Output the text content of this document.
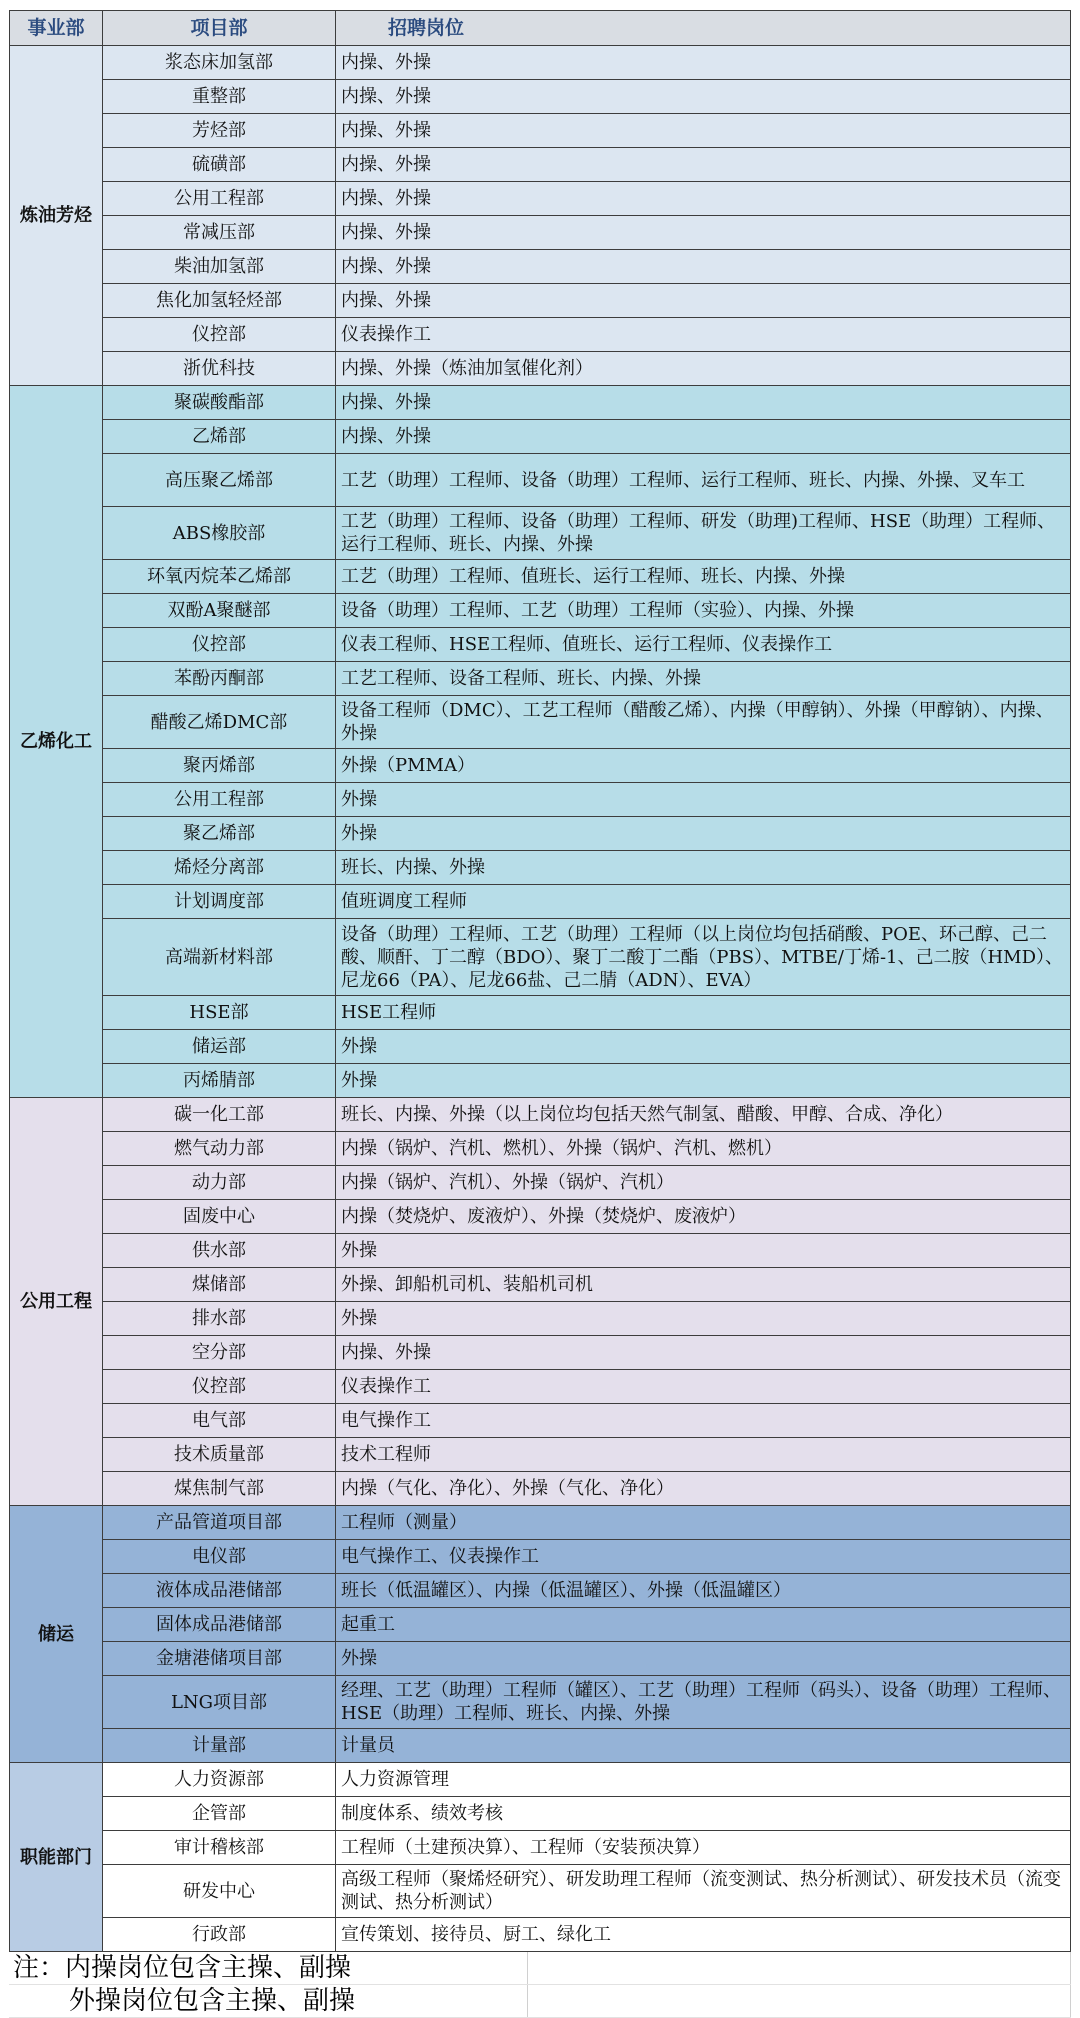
事业部	项目部	招聘岗位
炼油芳烃	浆态床加氢部	内操、外操
	重整部	内操、外操
	芳烃部	内操、外操
	硫磺部	内操、外操
	公用工程部	内操、外操
	常减压部	内操、外操
	柴油加氢部	内操、外操
	焦化加氢轻烃部	内操、外操
	仪控部	仪表操作工
	浙优科技	内操、外操（炼油加氢催化剂）
乙烯化工	聚碳酸酯部	内操、外操
	乙烯部	内操、外操
	高压聚乙烯部	工艺（助理）工程师、设备（助理）工程师、运行工程师、班长、内操、外操、叉车工
	ABS橡胶部	工艺（助理）工程师、设备（助理）工程师、研发（助理)工程师、HSE（助理）工程师、运行工程师、班长、内操、外操
	环氧丙烷苯乙烯部	工艺（助理）工程师、值班长、运行工程师、班长、内操、外操
	双酚A聚醚部	设备（助理）工程师、工艺（助理）工程师（实验）、内操、外操
	仪控部	仪表工程师、HSE工程师、值班长、运行工程师、仪表操作工
	苯酚丙酮部	工艺工程师、设备工程师、班长、内操、外操
	醋酸乙烯DMC部	设备工程师（DMC）、工艺工程师（醋酸乙烯）、内操（甲醇钠）、外操（甲醇钠）、内操、外操
	聚丙烯部	外操（PMMA）
	公用工程部	外操
	聚乙烯部	外操
	烯烃分离部	班长、内操、外操
	计划调度部	值班调度工程师
	高端新材料部	设备（助理）工程师、工艺（助理）工程师（以上岗位均包括硝酸、POE、环己醇、己二酸、顺酐、丁二醇（BDO）、聚丁二酸丁二酯（PBS）、MTBE/丁烯-1、己二胺（HMD）、尼龙66（PA）、尼龙66盐、己二腈（ADN）、EVA）
	HSE部	HSE工程师
	储运部	外操
	丙烯腈部	外操
公用工程	碳一化工部	班长、内操、外操（以上岗位均包括天然气制氢、醋酸、甲醇、合成、净化）
	燃气动力部	内操（锅炉、汽机、燃机）、外操（锅炉、汽机、燃机）
	动力部	内操（锅炉、汽机）、外操（锅炉、汽机）
	固废中心	内操（焚烧炉、废液炉）、外操（焚烧炉、废液炉）
	供水部	外操
	煤储部	外操、卸船机司机、装船机司机
	排水部	外操
	空分部	内操、外操
	仪控部	仪表操作工
	电气部	电气操作工
	技术质量部	技术工程师
	煤焦制气部	内操（气化、净化）、外操（气化、净化）
储运	产品管道项目部	工程师（测量）
	电仪部	电气操作工、仪表操作工
	液体成品港储部	班长（低温罐区）、内操（低温罐区）、外操（低温罐区）
	固体成品港储部	起重工
	金塘港储项目部	外操
	LNG项目部	经理、工艺（助理）工程师（罐区）、工艺（助理）工程师（码头）、设备（助理）工程师、HSE（助理）工程师、班长、内操、外操
	计量部	计量员
职能部门	人力资源部	人力资源管理
	企管部	制度体系、绩效考核
	审计稽核部	工程师（土建预决算）、工程师（安装预决算）
	研发中心	高级工程师（聚烯烃研究）、研发助理工程师（流变测试、热分析测试）、研发技术员（流变测试、热分析测试）
	行政部	宣传策划、接待员、厨工、绿化工
注：内操岗位包含主操、副操	
外操岗位包含主操、副操	
